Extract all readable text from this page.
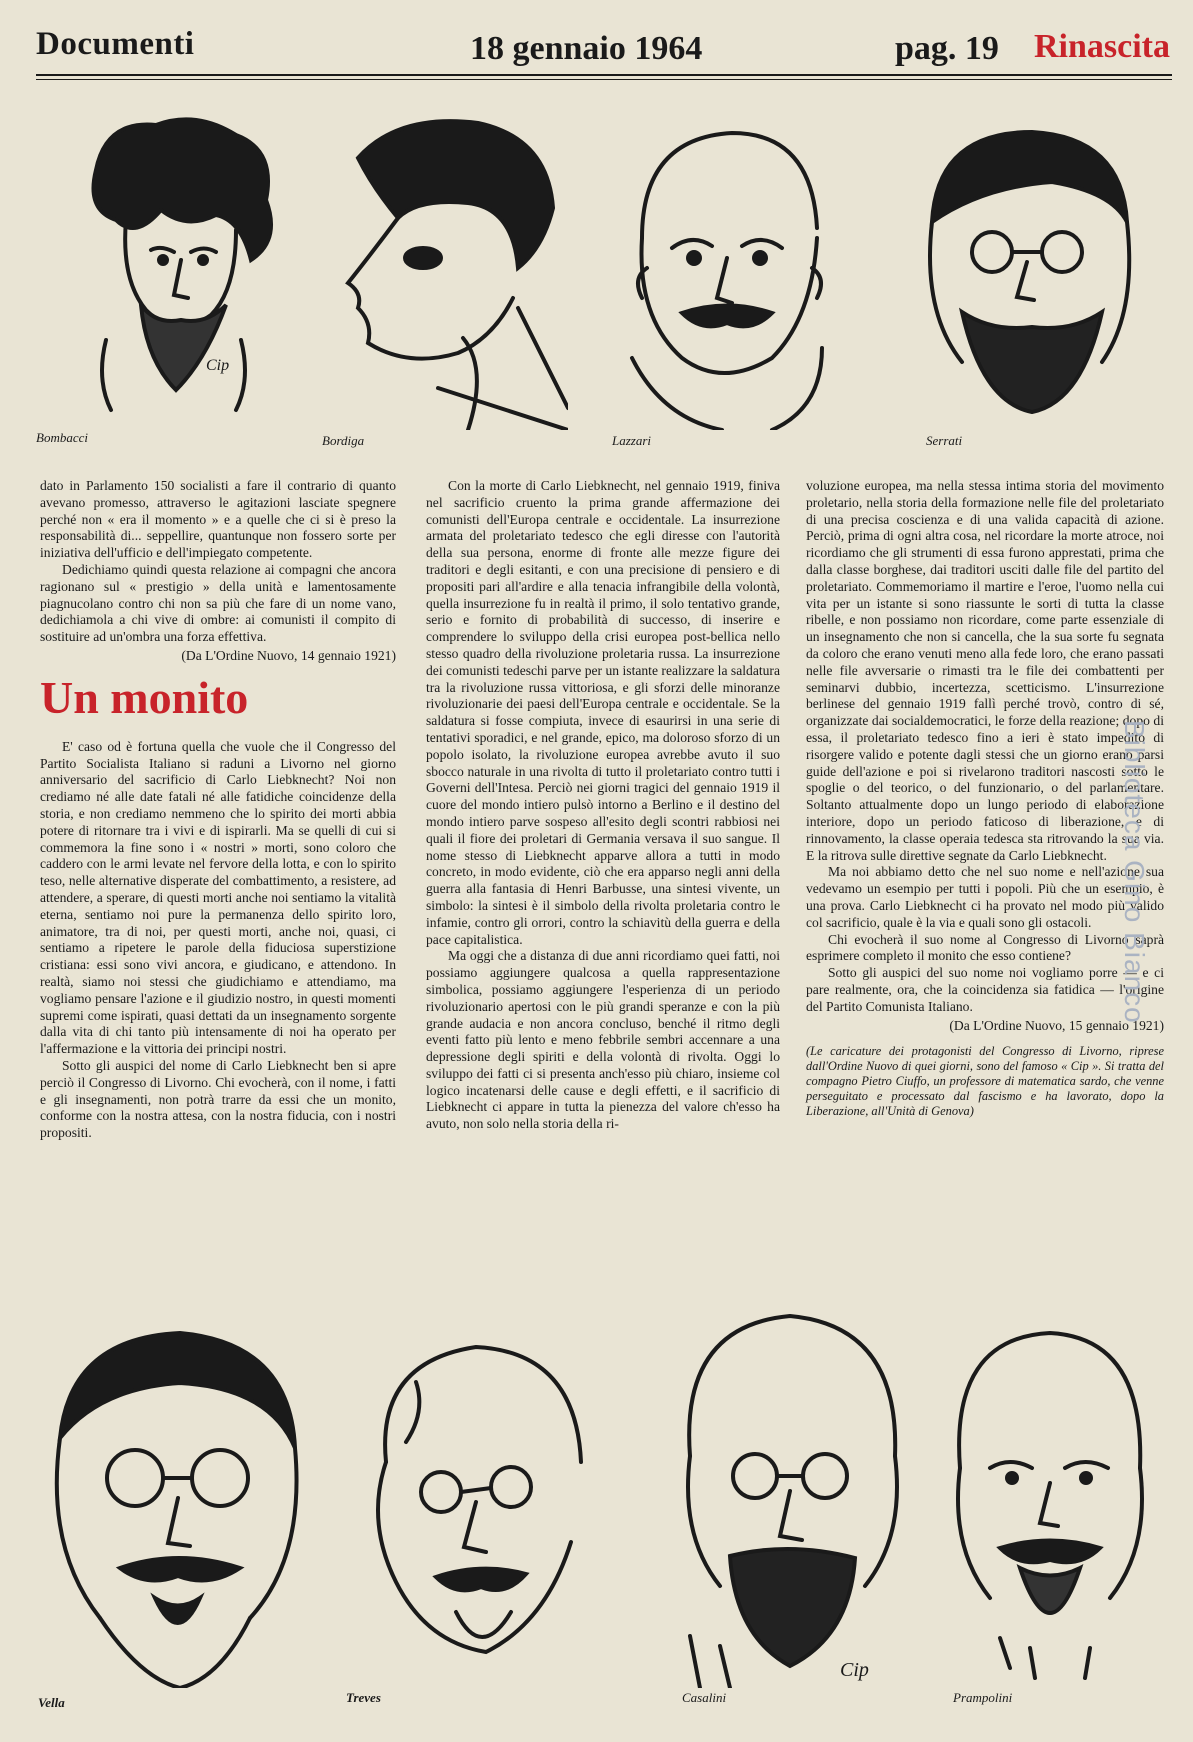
Documenti	18 gennaio 1964	pag. 19 Rinascita
Cip
Bombacci	Bordiga	Lazzari	Serrati

dato in Parlamento 150 socialisti a fare il contrario di quanto avevano promesso, attraverso le agitazioni lasciate spegnere perché non « era il momento » e a quelle che ci si è preso la responsabilità di... seppellire, quantunque non fossero sorte per iniziativa dell'ufficio e dell'impiegato competente.

Dedichiamo quindi questa relazione ai compagni che ancora ragionano sul « prestigio » della unità e lamentosamente piagnucolano contro chi non sa più che fare di un nome vano, dedichiamola a chi vive di ombre: ai comunisti il compito di sostituire ad un'ombra una forza effettiva.

(Da L'Ordine Nuovo, 14 gennaio 1921)
Un monito

E' caso od è fortuna quella che vuole che il Congresso del Partito Socialista Italiano si raduni a Livorno nel giorno anniversario del sacrificio di Carlo Liebknecht? Noi non crediamo né alle date fatali né alle fatidiche coincidenze della storia, e non crediamo nemmeno che lo spirito dei morti abbia potere di ritornare tra i vivi e di ispirarli. Ma se quelli di cui si commemora la fine sono i « nostri » morti, sono coloro che caddero con le armi levate nel fervore della lotta, e con lo spirito teso, nelle alternative disperate del combattimento, a resistere, ad attendere, a sperare, di questi morti anche noi sentiamo la vitalità eterna, sentiamo noi pure la permanenza dello spirito loro, animatore, tra di noi, per questi morti, anche noi, quasi, ci sentiamo a ripetere le parole della fiduciosa superstizione cristiana: essi sono vivi ancora, e giudicano, e attendono. In realtà, siamo noi stessi che giudichiamo e attendiamo, ma vogliamo pensare l'azione e il giudizio nostro, in questi momenti supremi come ispirati, quasi dettati da un insegnamento sorgente dalla vita di chi tanto più intensamente di noi ha operato per l'affermazione e la vittoria dei principi nostri.

Sotto gli auspici del nome di Carlo Liebknecht ben si apre perciò il Congresso di Livorno. Chi evocherà, con il nome, i fatti e gli insegnamenti, non potrà trarre da essi che un monito, conforme con la nostra attesa, con la nostra fiducia, con i nostri propositi.

Con la morte di Carlo Liebknecht, nel gennaio 1919, finiva nel sacrificio cruento la prima grande affermazione dei comunisti dell'Europa centrale e occidentale. La insurrezione armata del proletariato tedesco che egli diresse con l'autorità della sua persona, enorme di fronte alle mezze figure dei traditori e degli esitanti, e con una precisione di pensiero e di propositi pari all'ardire e alla tenacia infrangibile della volontà, quella insurrezione fu in realtà il primo, il solo tentativo grande, serio e fornito di probabilità di successo, di inserire e comprendere lo sviluppo della crisi europea post-bellica nello stesso quadro della rivoluzione proletaria russa. La insurrezione dei comunisti tedeschi parve per un istante realizzare la saldatura tra la rivoluzione russa vittoriosa, e gli sforzi delle minoranze rivoluzionarie dei paesi dell'Europa centrale e occidentale. Se la saldatura si fosse compiuta, invece di esaurirsi in una serie di tentativi sporadici, e nel grande, epico, ma doloroso sforzo di un popolo isolato, la rivoluzione europea avrebbe avuto il suo sbocco naturale in una rivolta di tutto il proletariato contro tutti i Governi dell'Intesa. Perciò nei giorni tragici del gennaio 1919 il cuore del mondo intiero pulsò intorno a Berlino e il destino del mondo intiero parve sospeso all'esito degli scontri rabbiosi nei quali il fiore dei proletari di Germania versava il suo sangue. Il nome stesso di Liebknecht apparve allora a tutti in modo concreto, in modo evidente, ciò che era apparso negli anni della guerra alla fantasia di Henri Barbusse, una sintesi vivente, un simbolo: la sintesi è il simbolo della rivolta proletaria contro le infamie, contro gli orrori, contro la schiavitù della guerra e della pace capitalistica.

Ma oggi che a distanza di due anni ricordiamo quei fatti, noi possiamo aggiungere qualcosa a quella rappresentazione simbolica, possiamo aggiungere l'esperienza di un periodo rivoluzionario apertosi con le più grandi speranze e con la più grande audacia e non ancora concluso, benché il ritmo degli eventi fatto più lento e meno febbrile sembri accennare a una depressione degli spiriti e della volontà di rivolta. Oggi lo sviluppo dei fatti ci si presenta anch'esso più chiaro, insieme col logico incatenarsi delle cause e degli effetti, e il sacrificio di Liebknecht ci appare in tutta la pienezza del valore ch'esso ha avuto, non solo nella storia della ri-

voluzione europea, ma nella stessa intima storia del movimento proletario, nella storia della formazione nelle file del proletariato di una precisa coscienza e di una valida capacità di azione. Perciò, prima di ogni altra cosa, nel ricordare la morte atroce, noi ricordiamo che gli strumenti di essa furono apprestati, prima che dalla classe borghese, dai traditori usciti dalle file del partito del proletariato. Commemoriamo il martire e l'eroe, l'uomo nella cui vita per un istante si sono riassunte le sorti di tutta la classe ribelle, e non possiamo non ricordare, come parte essenziale di un insegnamento che non si cancella, che la sua sorte fu segnata da coloro che erano venuti meno alla fede loro, che erano passati nelle file avversarie o rimasti tra le file dei combattenti per seminarvi dubbio, incertezza, scetticismo. L'insurrezione berlinese del gennaio 1919 fallì perché trovò, contro di sé, organizzate dai socialdemocratici, le forze della reazione; dopo di essa, il proletariato tedesco fino a ieri è stato impedito di risorgere valido e potente dagli stessi che un giorno erano parsi guide dell'azione e poi si rivelarono traditori nascosti sotto le spoglie o del teorico, o del funzionario, o del parlamentare. Soltanto attualmente dopo un lungo periodo di elaborazione interiore, dopo un periodo faticoso di liberazione, e di rinnovamento, la classe operaia tedesca sta ritrovando la sua via. E la ritrova sulle direttive segnate da Carlo Liebknecht.

Ma noi abbiamo detto che nel suo nome e nell'azione sua vedevamo un esempio per tutti i popoli. Più che un esempio, è una prova. Carlo Liebknecht ci ha provato nel modo più valido col sacrificio, quale è la via e quali sono gli ostacoli.

Chi evocherà il suo nome al Congresso di Livorno saprà esprimere completo il monito che esso contiene?

Sotto gli auspici del suo nome noi vogliamo porre — e ci pare realmente, ora, che la coincidenza sia fatidica — l'origine del Partito Comunista Italiano.

(Da L'Ordine Nuovo, 15 gennaio 1921)
(Le caricature dei protagonisti del Congresso di Livorno, riprese dall'Ordine Nuovo di quei giorni, sono del famoso « Cip ». Si tratta del compagno Pietro Ciuffo, un professore di matematica sardo, che venne perseguitato e processato dal fascismo e ha lavorato, dopo la Liberazione, all'Unità di Genova)
Cip
Vella	Treves	Casalini	Prampolini
Biblioteca Gino Bianco
